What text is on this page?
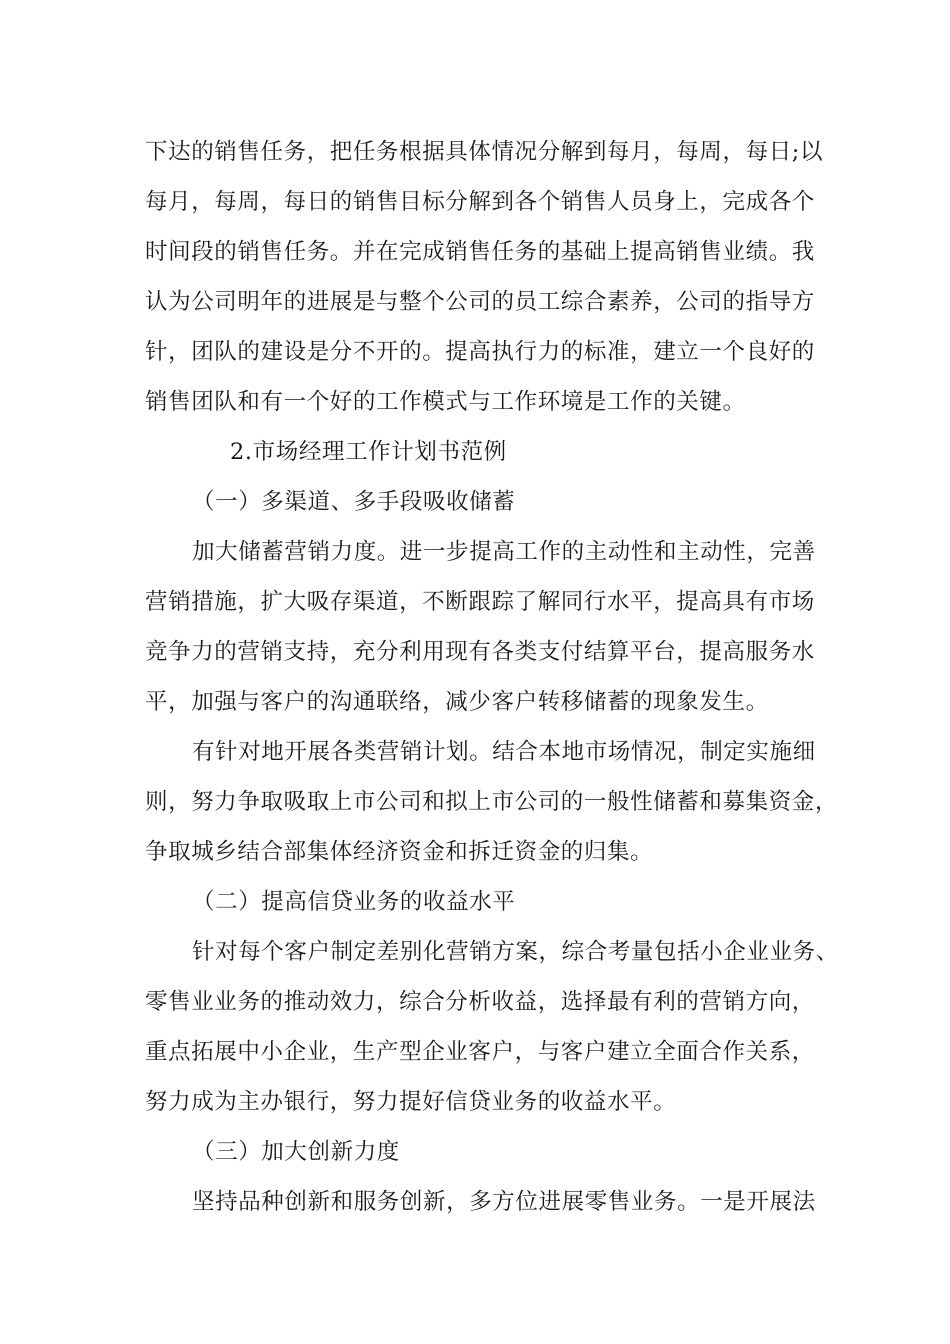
下达的销售任务，把任务根据具体情况分解到每月，每周，每日;以
每月，每周，每日的销售目标分解到各个销售人员身上，完成各个
时间段的销售任务。并在完成销售任务的基础上提高销售业绩。我
认为公司明年的进展是与整个公司的员工综合素养，公司的指导方
针，团队的建设是分不开的。提高执行力的标准，建立一个良好的
销售团队和有一个好的工作模式与工作环境是工作的关键。
2.市场经理工作计划书范例
（一）多渠道、多手段吸收储蓄
加大储蓄营销力度。进一步提高工作的主动性和主动性，完善
营销措施，扩大吸存渠道，不断跟踪了解同行水平，提高具有市场
竞争力的营销支持，充分利用现有各类支付结算平台，提高服务水
平，加强与客户的沟通联络，减少客户转移储蓄的现象发生。
有针对地开展各类营销计划。结合本地市场情况，制定实施细
则，努力争取吸取上市公司和拟上市公司的一般性储蓄和募集资金，
争取城乡结合部集体经济资金和拆迁资金的归集。
（二）提高信贷业务的收益水平
针对每个客户制定差别化营销方案，综合考量包括小企业业务、
零售业业务的推动效力，综合分析收益，选择最有利的营销方向，
重点拓展中小企业，生产型企业客户，与客户建立全面合作关系，
努力成为主办银行，努力提好信贷业务的收益水平。
（三）加大创新力度
坚持品种创新和服务创新，多方位进展零售业务。一是开展法
